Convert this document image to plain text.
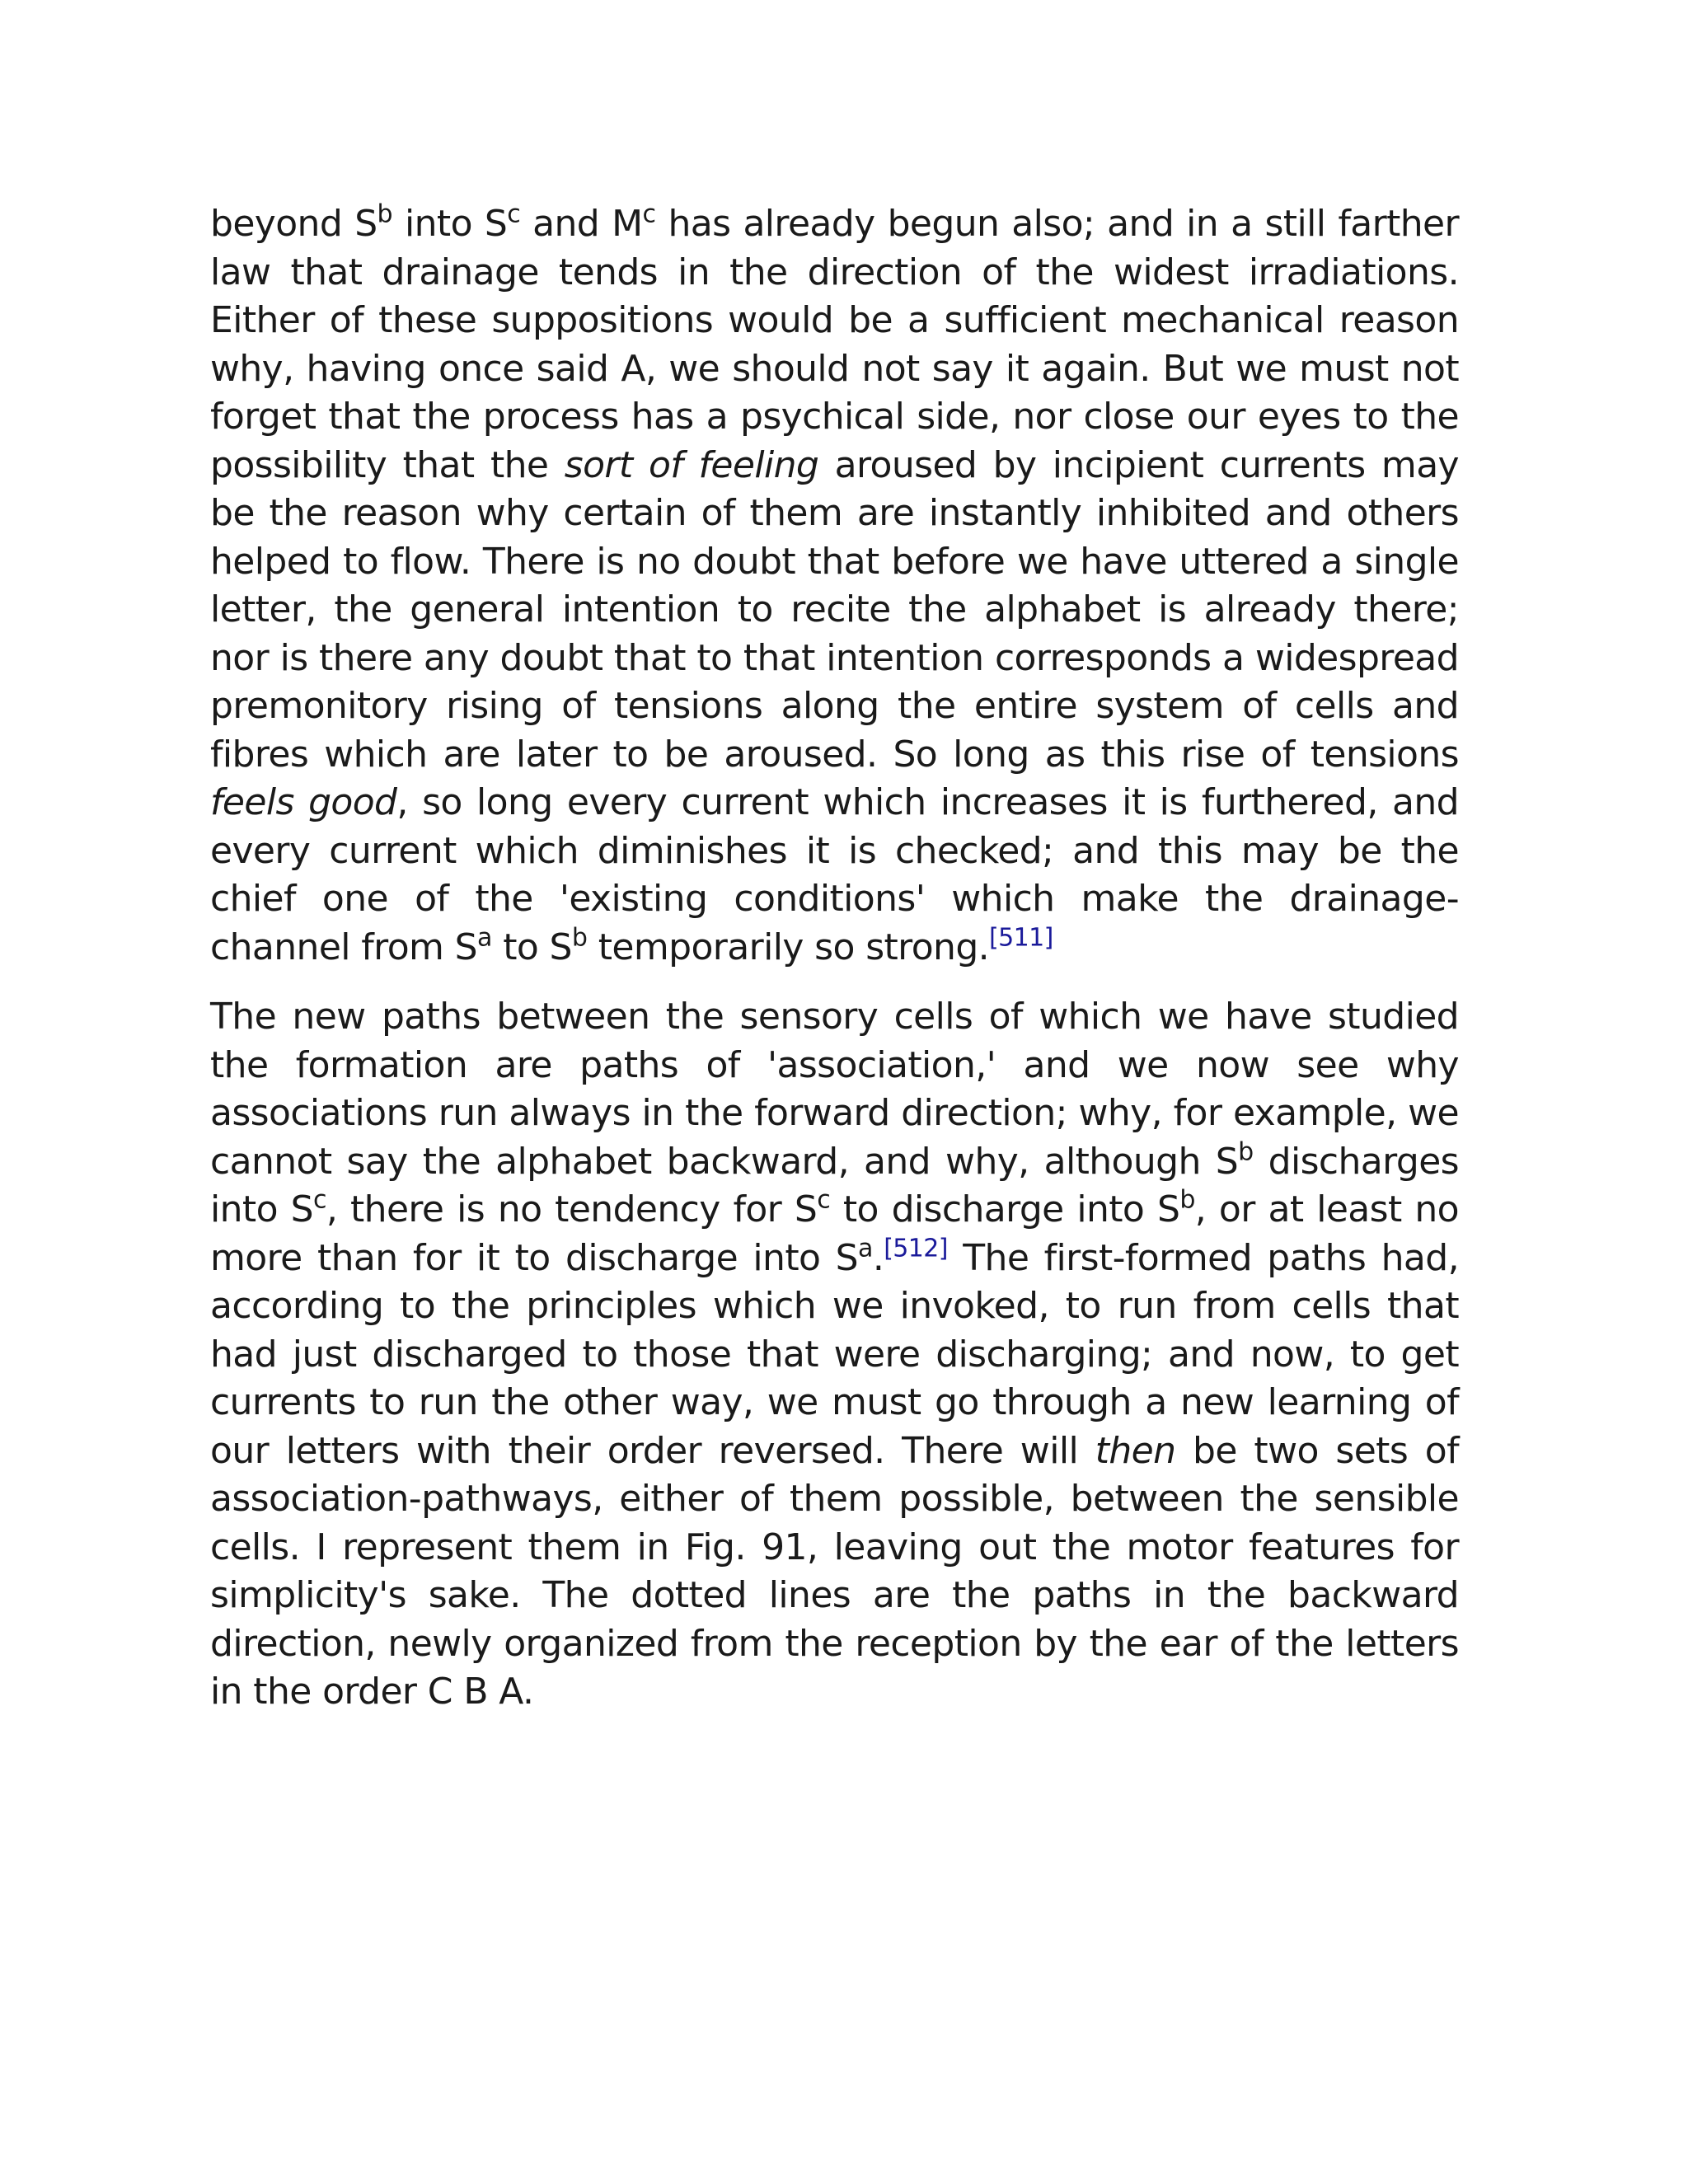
beyond $S^b$ into $S^c$ and $M^c$ has already begun also; and in a still farther law that drainage tends in the direction of the widest irradiations. Either of these suppositions would be a sufficient mechanical reason why, having once said A, we should not say it again. But we must not forget that the process has a psychical side, nor close our eyes to the possibility that the sort of feeling aroused by incipient currents may be the reason why certain of them are instantly inhibited and others helped to flow. There is no doubt that before we have uttered a single letter, the general intention to recite the alphabet is already there; nor is there any doubt that to that intention corresponds a widespread premonitory rising of tensions along the entire system of cells and fibres which are later to be aroused. So long as this rise of tensions feels good, so long every current which increases it is furthered, and every current which diminishes it is checked; and this may be the chief one of the 'existing conditions' which make the drainage-channel from $S^a$ to $S^b$ temporarily so strong.[511]

The new paths between the sensory cells of which we have studied the formation are paths of 'association,' and we now see why associations run always in the forward direction; why, for example, we cannot say the alphabet backward, and why, although $S^b$ discharges into $S^c$, there is no tendency for $S^c$ to discharge into $S^b$, or at least no more than for it to discharge into $S^a.[512]$ The first-formed paths had, according to the principles which we invoked, to run from cells that had just discharged to those that were discharging; and now, to get currents to run the other way, we must go through a new learning of our letters with their order reversed. There will then be two sets of association-pathways, either of them possible, between the sensible cells. I represent them in Fig. 91, leaving out the motor features for simplicity's sake. The dotted lines are the paths in the backward direction, newly organized from the reception by the ear of the letters in the order C B A.
